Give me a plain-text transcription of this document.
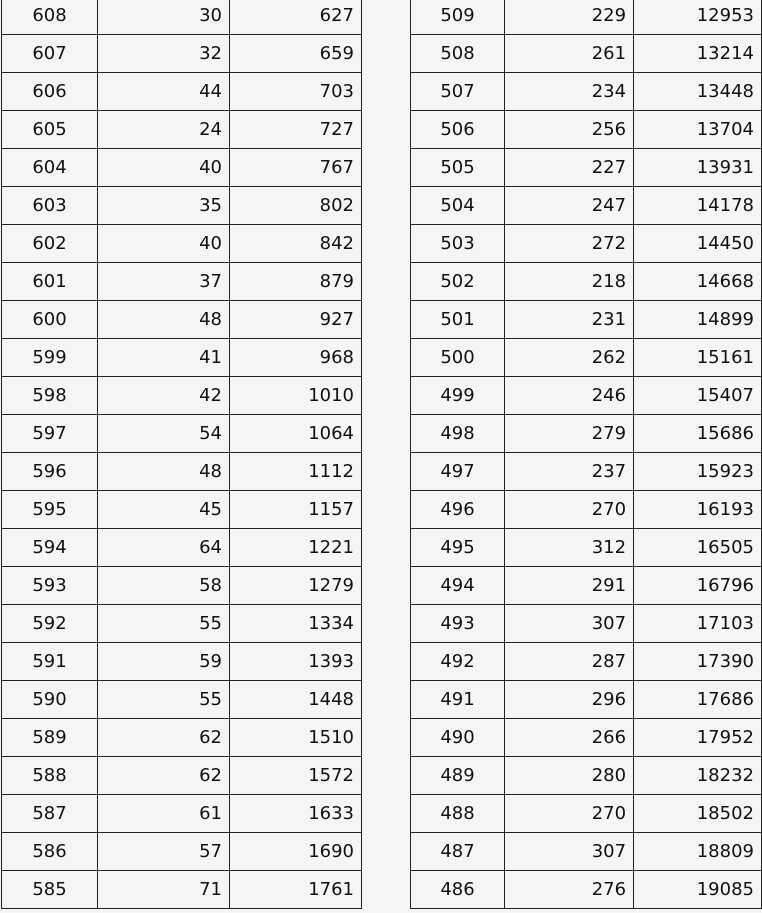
608	30	627
607	32	659
606	44	703
605	24	727
604	40	767
603	35	802
602	40	842
601	37	879
600	48	927
599	41	968
598	42	1010
597	54	1064
596	48	1112
595	45	1157
594	64	1221
593	58	1279
592	55	1334
591	59	1393
590	55	1448
589	62	1510
588	62	1572
587	61	1633
586	57	1690
585	71	1761
509	229	12953
508	261	13214
507	234	13448
506	256	13704
505	227	13931
504	247	14178
503	272	14450
502	218	14668
501	231	14899
500	262	15161
499	246	15407
498	279	15686
497	237	15923
496	270	16193
495	312	16505
494	291	16796
493	307	17103
492	287	17390
491	296	17686
490	266	17952
489	280	18232
488	270	18502
487	307	18809
486	276	19085
